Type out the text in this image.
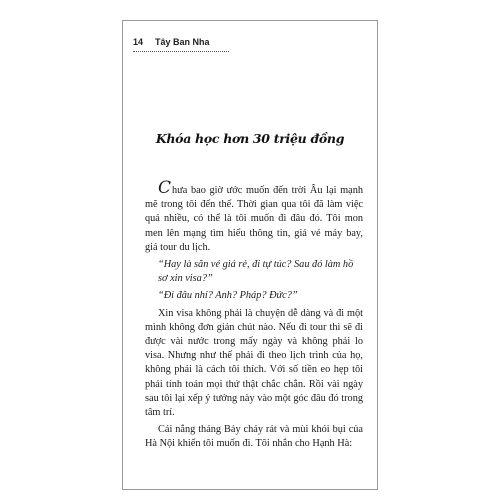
14	Tây Ban Nha
Khóa học hơn 30 triệu đồng

Chưa bao giờ ước muốn đến trời Âu lại mạnh mẽ trong tôi đến thế. Thời gian qua tôi đã làm việc quá nhiều, có thể là tôi muốn đi đâu đó. Tôi mon men lên mạng tìm hiểu thông tin, giá vé máy bay, giá tour du lịch.

“Hay là săn vé giá rẻ, đi tự túc? Sau đó làm hồ sơ xin visa?”

“Đi đâu nhỉ? Anh? Pháp? Đức?”

Xin visa không phải là chuyện dễ dàng và đi một mình không đơn giản chút nào. Nếu đi tour thì sẽ đi được vài nước trong mấy ngày và không phải lo visa. Nhưng như thế phải đi theo lịch trình của họ, không phải là cách tôi thích. Với số tiền eo hẹp tôi phải tính toán mọi thứ thật chắc chắn. Rồi vài ngày sau tôi lại xếp ý tưởng này vào một góc đâu đó trong tâm trí.

Cái nắng tháng Bảy chảy rát và mùi khói bụi của Hà Nội khiến tôi muốn đi. Tôi nhắn cho Hạnh Hà:
